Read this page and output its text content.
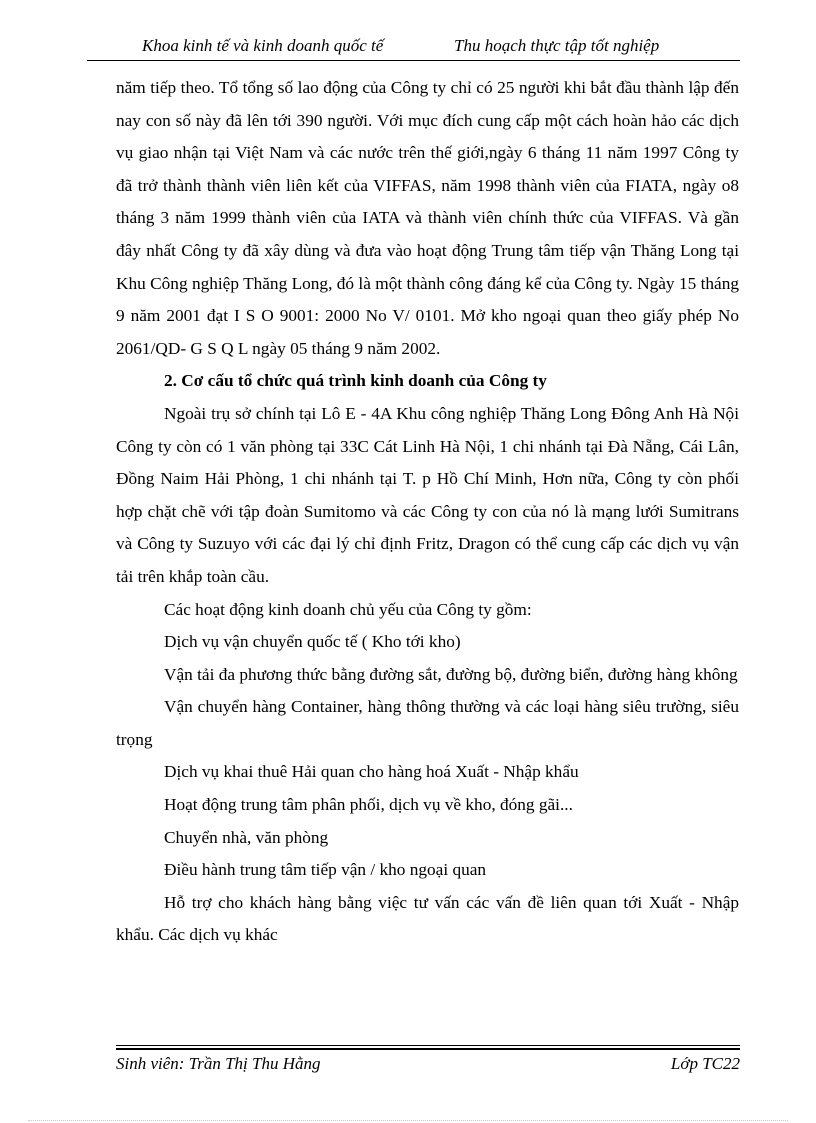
Khoa kinh tế và kinh doanh quốc tế	Thu hoạch thực tập tốt nghiệp

năm tiếp theo. Tổ tổng số lao động của Công ty chỉ có 25 người khi bắt đầu thành lập đến nay con số này đã lên tới 390 người. Với mục đích cung cấp một cách hoàn hảo các dịch vụ giao nhận tại Việt Nam và các nước trên thế giới,ngày 6 tháng 11 năm 1997 Công ty đã trở thành thành viên liên kết của VIFFAS, năm 1998 thành viên của FIATA, ngày o8 tháng 3 năm 1999 thành viên của IATA và thành viên chính thức của VIFFAS. Và gần đây nhất Công ty đã xây dùng và đưa vào hoạt động Trung tâm tiếp vận Thăng Long tại Khu Công nghiệp Thăng Long, đó là một thành công đáng kể của Công ty. Ngày 15 tháng 9 năm 2001 đạt I S O 9001: 2000 No V/ 0101. Mở kho ngoại quan theo giấy phép No 2061/QD- G S Q L ngày 05 tháng 9 năm 2002.

2. Cơ cấu tổ chức quá trình kinh doanh của Công ty

Ngoài trụ sở chính tại Lô E - 4A Khu công nghiệp Thăng Long Đông Anh Hà Nội Công ty còn có 1 văn phòng tại 33C Cát Linh Hà Nội, 1 chi nhánh tại Đà Nẵng, Cái Lân, Đồng Naim Hải Phòng, 1 chi nhánh tại T. p Hồ Chí Minh, Hơn nữa, Công ty còn phối hợp chặt chẽ với tập đoàn Sumitomo và các Công ty con của nó là mạng lưới Sumitrans và Công ty Suzuyo với các đại lý chỉ định Fritz, Dragon có thể cung cấp các dịch vụ vận tải trên khắp toàn cầu.

Các hoạt động kinh doanh chủ yếu của Công ty gồm:

Dịch vụ vận chuyển quốc tế ( Kho tới kho)

Vận tải đa phương thức bằng đường sắt, đường bộ, đường biển, đường hàng không

Vận chuyển hàng Container, hàng thông thường và các loại hàng siêu trường, siêu trọng

Dịch vụ khai thuê Hải quan cho hàng hoá Xuất - Nhập khẩu

Hoạt động trung tâm phân phối, dịch vụ về kho, đóng gãi...

Chuyển nhà, văn phòng

Điều hành trung tâm tiếp vận / kho ngoại quan

Hỗ trợ cho khách hàng bằng việc tư vấn các vấn đề liên quan tới Xuất - Nhập khẩu. Các dịch vụ khác

Sinh viên: Trần Thị Thu Hằng	Lớp TC22
